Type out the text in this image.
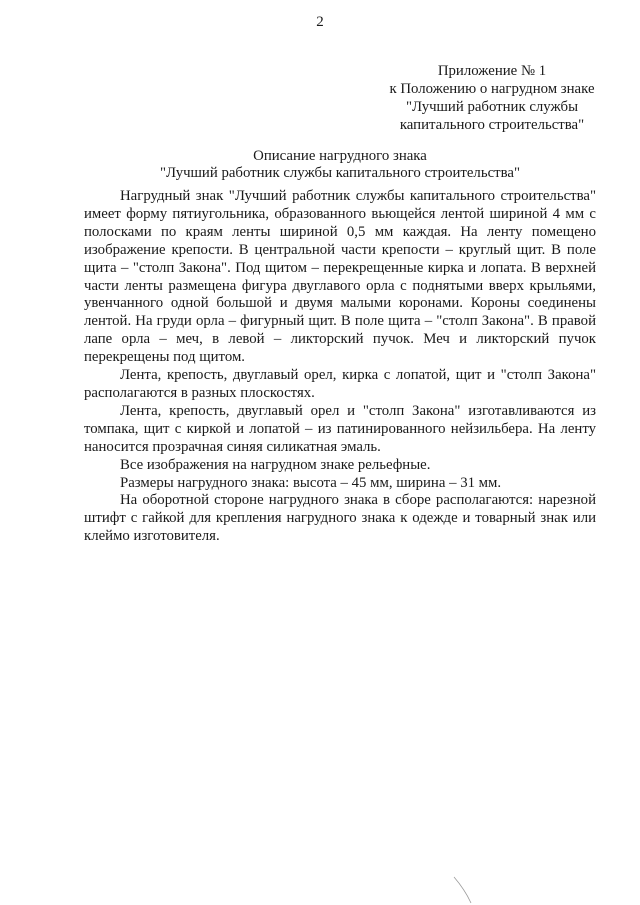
2
Приложение № 1
к Положению о нагрудном знаке
"Лучший работник службы
капитального строительства"
Описание нагрудного знака
"Лучший работник службы капитального строительства"

Нагрудный знак "Лучший работник службы капитального строительства" имеет форму пятиугольника, образованного вьющейся лентой шириной 4 мм с полосками по краям ленты шириной 0,5 мм каждая. На ленту помещено изображение крепости. В центральной части крепости – круглый щит. В поле щита – "столп Закона". Под щитом – перекрещенные кирка и лопата. В верхней части ленты размещена фигура двуглавого орла с поднятыми вверх крыльями, увенчанного одной большой и двумя малыми коронами. Короны соединены лентой. На груди орла – фигурный щит. В поле щита – "столп Закона". В правой лапе орла – меч, в левой – ликторский пучок. Меч и ликторский пучок перекрещены под щитом.

Лента, крепость, двуглавый орел, кирка с лопатой, щит и "столп Закона" располагаются в разных плоскостях.

Лента, крепость, двуглавый орел и "столп Закона" изготавливаются из томпака, щит с киркой и лопатой – из патинированного нейзильбера. На ленту наносится прозрачная синяя силикатная эмаль.

Все изображения на нагрудном знаке рельефные.

Размеры нагрудного знака: высота – 45 мм, ширина – 31 мм.

На оборотной стороне нагрудного знака в сборе располагаются: нарезной штифт с гайкой для крепления нагрудного знака к одежде и товарный знак или клеймо изготовителя.
